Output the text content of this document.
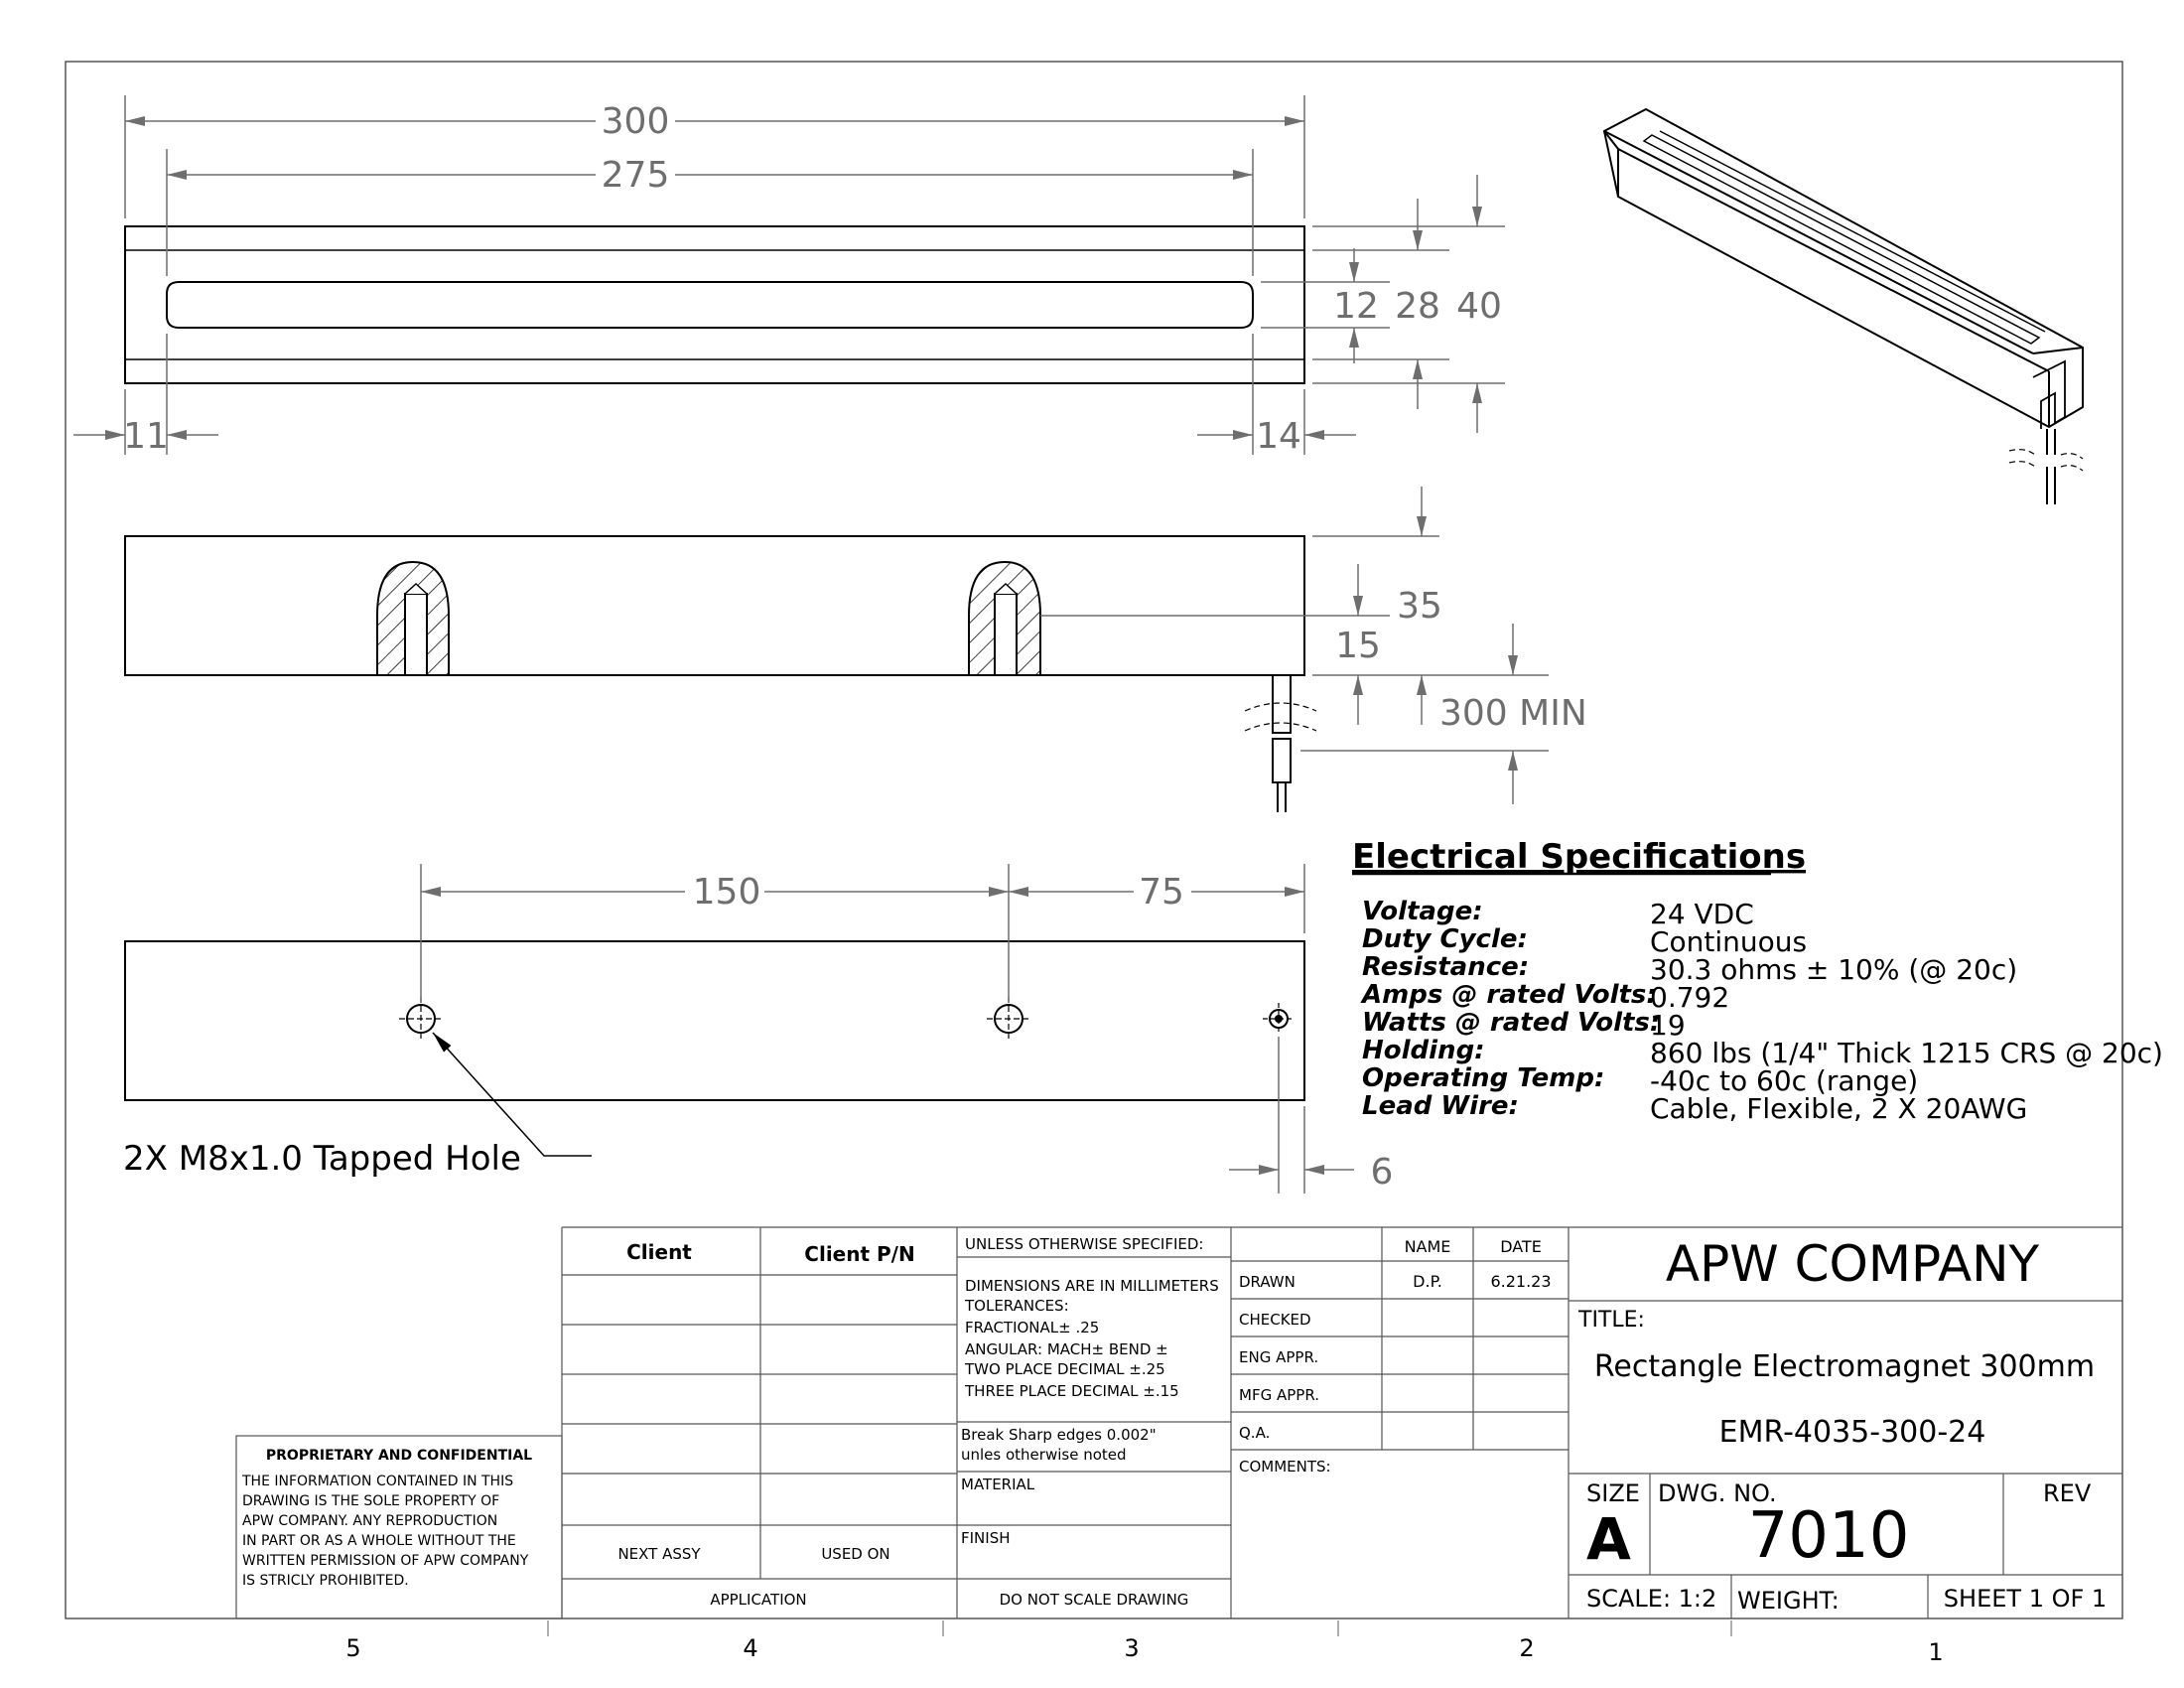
300
275
11	14
12 28 40
35
15
300 MIN
150	75
6
2X M8x1.0 Tapped Hole
Electrical Specifications
Voltage:	24 VDC
Duty Cycle:	Continuous
Resistance:	30.3 ohms ± 10% (@ 20c)
Amps @ rated Volts:
0.792
Watts @ rated Volts:
19
Holding:	860 lbs (1/4" Thick 1215 CRS @ 20c)
Operating Temp: -40c to 60c (range)
Lead Wire:	Cable, Flexible, 2 X 20AWG
Client	Client P/N
NEXT ASSY	USED ON
APPLICATION
UNLESS OTHERWISE SPECIFIED:
DIMENSIONS ARE IN MILLIMETERS
TOLERANCES:
FRACTIONAL± .25
ANGULAR: MACH± BEND ±
TWO PLACE DECIMAL ±.25
THREE PLACE DECIMAL ±.15
Break Sharp edges 0.002"
unles otherwise noted
MATERIAL
FINISH
DO NOT SCALE DRAWING
NAME	DATE
DRAWN	D.P.	6.21.23
CHECKED
ENG APPR.
MFG APPR.
Q.A.
COMMENTS:
APW COMPANY
TITLE:
Rectangle Electromagnet 300mm
EMR-4035-300-24
SIZE
A
DWG. NO.
7010
REV
SCALE: 1:2 WEIGHT:	SHEET 1 OF 1
PROPRIETARY AND CONFIDENTIAL
THE INFORMATION CONTAINED IN THIS
DRAWING IS THE SOLE PROPERTY OF
APW COMPANY. ANY REPRODUCTION
IN PART OR AS A WHOLE WITHOUT THE
WRITTEN PERMISSION OF APW COMPANY
IS STRICLY PROHIBITED.
5	4	3	2	1
